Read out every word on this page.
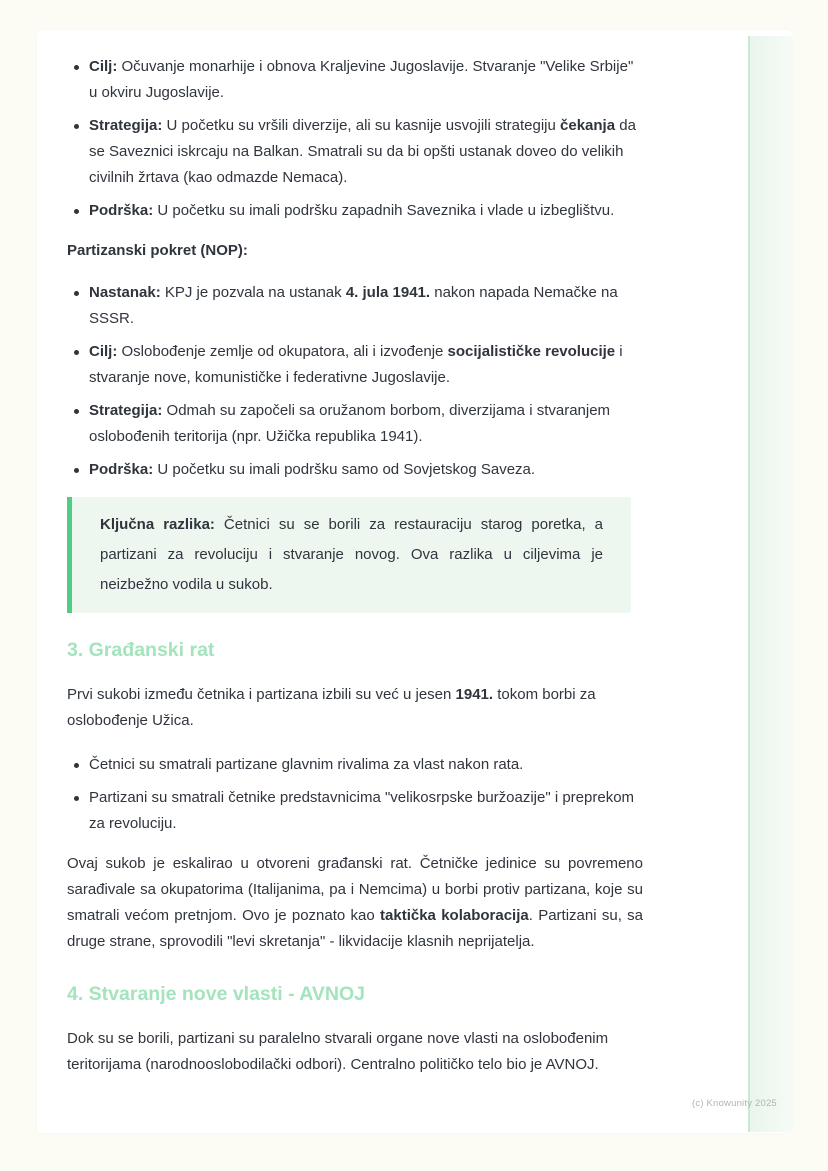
Cilj: Očuvanje monarhije i obnova Kraljevine Jugoslavije. Stvaranje "Velike Srbije" u okviru Jugoslavije.
Strategija: U početku su vršili diverzije, ali su kasnije usvojili strategiju čekanja da se Saveznici iskrcaju na Balkan. Smatrali su da bi opšti ustanak doveo do velikih civilnih žrtava (kao odmazde Nemaca).
Podrška: U početku su imali podršku zapadnih Saveznika i vlade u izbeglištvu.

Partizanski pokret (NOP):

Nastanak: KPJ je pozvala na ustanak 4. jula 1941. nakon napada Nemačke na SSSR.
Cilj: Oslobođenje zemlje od okupatora, ali i izvođenje socijalističke revolucije i stvaranje nove, komunističke i federativne Jugoslavije.
Strategija: Odmah su započeli sa oružanom borbom, diverzijama i stvaranjem oslobođenih teritorija (npr. Užička republika 1941).
Podrška: U početku su imali podršku samo od Sovjetskog Saveza.
Ključna razlika: Četnici su se borili za restauraciju starog poretka, a partizani za revoluciju i stvaranje novog. Ova razlika u ciljevima je neizbežno vodila u sukob.
3. Građanski rat

Prvi sukobi između četnika i partizana izbili su već u jesen 1941. tokom borbi za oslobođenje Užica.

Četnici su smatrali partizane glavnim rivalima za vlast nakon rata.
Partizani su smatrali četnike predstavnicima "velikosrpske buržoazije" i preprekom za revoluciju.

Ovaj sukob je eskalirao u otvoreni građanski rat. Četničke jedinice su povremeno sarađivale sa okupatorima (Italijanima, pa i Nemcima) u borbi protiv partizana, koje su smatrali većom pretnjom. Ovo je poznato kao taktička kolaboracija. Partizani su, sa druge strane, sprovodili "levi skretanja" - likvidacije klasnih neprijatelja.

4. Stvaranje nove vlasti - AVNOJ

Dok su se borili, partizani su paralelno stvarali organe nove vlasti na oslobođenim teritorijama (narodnooslobodilački odbori). Centralno političko telo bio je AVNOJ.

(c) Knowunity 2025
